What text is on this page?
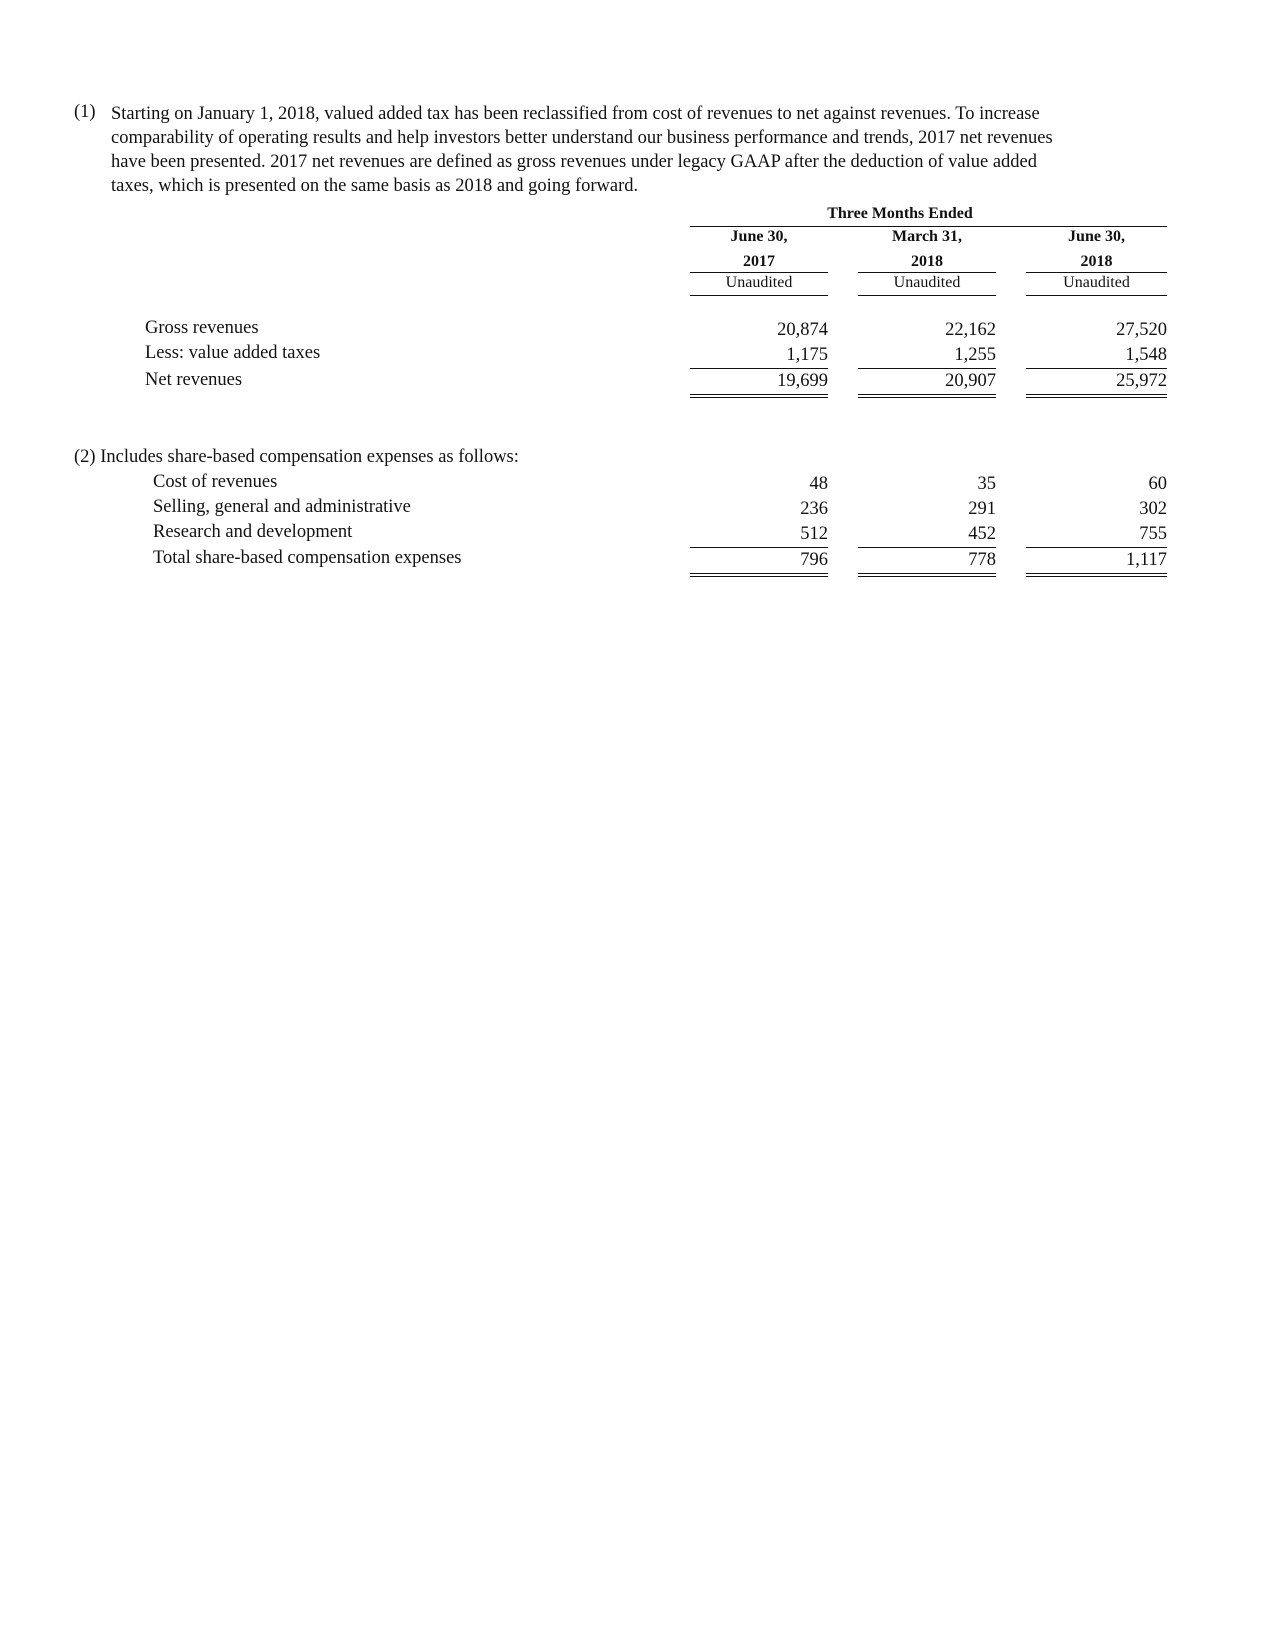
(1) Starting on January 1, 2018, valued added tax has been reclassified from cost of revenues to net against revenues. To increase
comparability of operating results and help investors better understand our business performance and trends, 2017 net revenues
have been presented. 2017 net revenues are defined as gross revenues under legacy GAAP after the deduction of value added
taxes, which is presented on the same basis as 2018 and going forward.
Three Months Ended
June 30,	March 31,	June 30,
2017	2018	2018
Unaudited	Unaudited	Unaudited
Gross revenues	20,874	22,162	27,520
Less: value added taxes	1,175	1,255	1,548
Net revenues	19,699	20,907	25,972
(2) Includes share-based compensation expenses as follows:
Cost of revenues	48	35	60
Selling, general and administrative	236	291	302
Research and development	512	452	755
Total share-based compensation expenses	796	778	1,117
